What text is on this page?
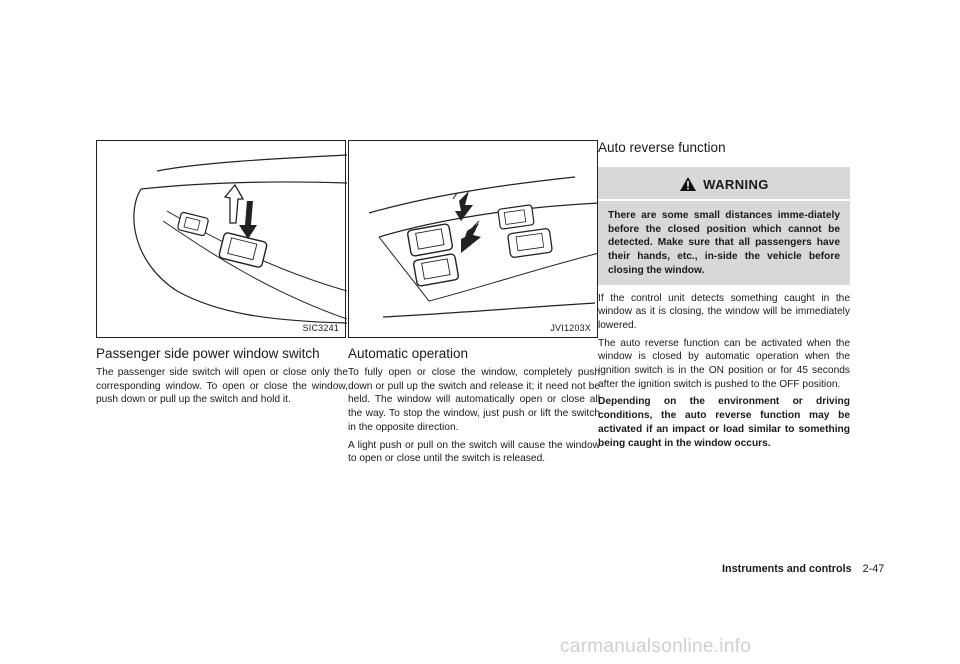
SIC3241
Passenger side power window switch

The passenger side switch will open or close only the corresponding window. To open or close the window, push down or pull up the switch and hold it.

JVI1203X
Automatic operation

To fully open or close the window, completely push down or pull up the switch and release it; it need not be held. The window will automatically open or close all the way. To stop the window, just push or lift the switch in the opposite direction.

A light push or pull on the switch will cause the window to open or close until the switch is released.

Auto reverse function
WARNING

There are some small distances imme-diately before the closed position which cannot be detected. Make sure that all passengers have their hands, etc., in-side the vehicle before closing the window.

If the control unit detects something caught in the window as it is closing, the window will be immediately lowered.

The auto reverse function can be activated when the window is closed by automatic operation when the ignition switch is in the ON position or for 45 seconds after the ignition switch is pushed to the OFF position.

Depending on the environment or driving conditions, the auto reverse function may be activated if an impact or load similar to something being caught in the window occurs.

Instruments and controls 2-47
carmanualsonline.info
